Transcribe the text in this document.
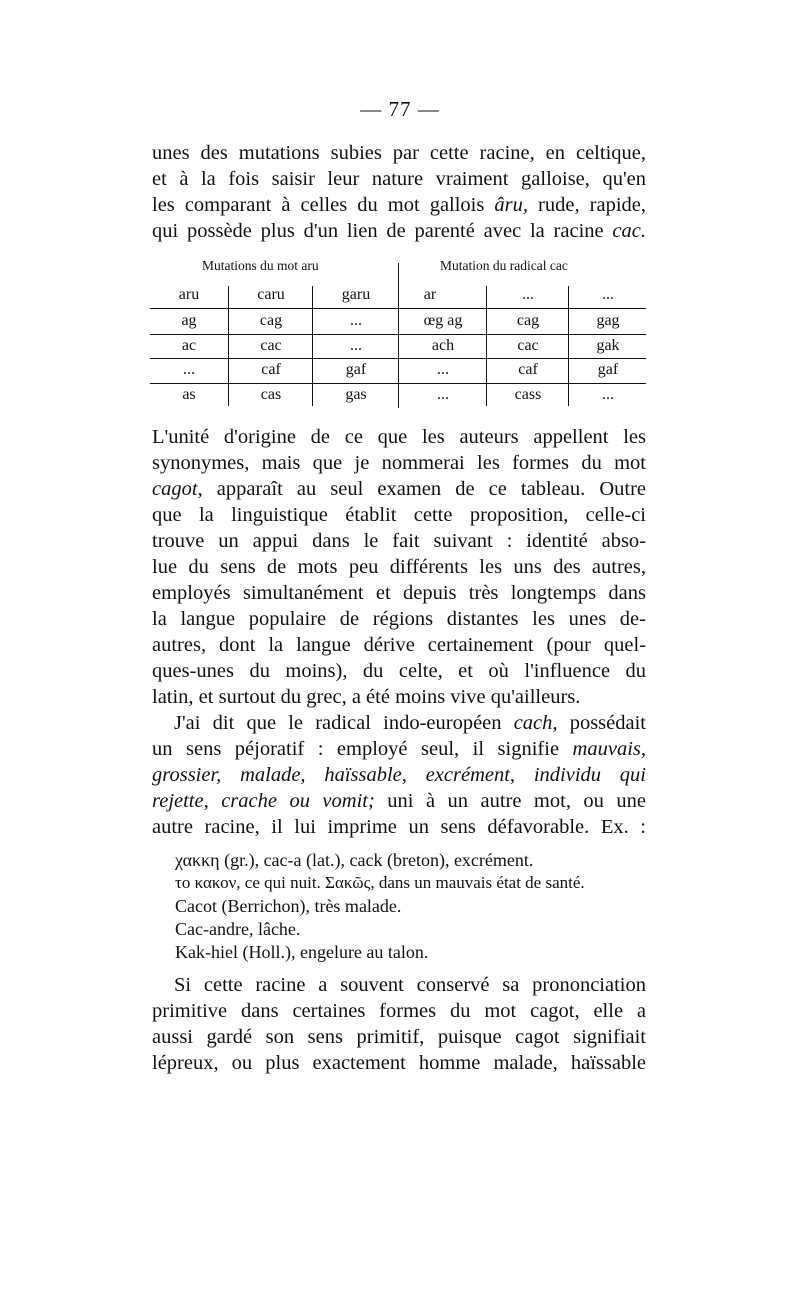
— 77 —
unes des mutations subies par cette racine, en celtique,
et à la fois saisir leur nature vraiment galloise, qu'en
les comparant à celles du mot gallois âru, rude, rapide,
qui possède plus d'un lien de parenté avec la racine cac.
Mutations du mot aru	Mutation du radical cac
aru	caru	garu	ar	...	...
ag	cag	...	œg ag	cag	gag
ac	cac	...	ach	cac	gak
...	caf	gaf	...	caf	gaf
as	cas	gas	...	cass	...
L'unité d'origine de ce que les auteurs appellent les
synonymes, mais que je nommerai les formes du mot
cagot, apparaît au seul examen de ce tableau. Outre
que la linguistique établit cette proposition, celle-ci
trouve un appui dans le fait suivant : identité abso-
lue du sens de mots peu différents les uns des autres,
employés simultanément et depuis très longtemps dans
la langue populaire de régions distantes les unes de-
autres, dont la langue dérive certainement (pour quel-
ques-unes du moins), du celte, et où l'influence du
latin, et surtout du grec, a été moins vive qu'ailleurs.
J'ai dit que le radical indo-européen cach, possédait
un sens péjoratif : employé seul, il signifie mauvais,
grossier, malade, haïssable, excrément, individu qui
rejette, crache ou vomit; uni à un autre mot, ou une
autre racine, il lui imprime un sens défavorable. Ex. :
χακκη (gr.), cac-a (lat.), cack (breton), excrément.
το κακον, ce qui nuit. Σακῶς, dans un mauvais état de santé.
Cacot (Berrichon), très malade.
Cac-andre, lâche.
Kak-hiel (Holl.), engelure au talon.
Si cette racine a souvent conservé sa prononciation
primitive dans certaines formes du mot cagot, elle a
aussi gardé son sens primitif, puisque cagot signifiait
lépreux, ou plus exactement homme malade, haïssable
